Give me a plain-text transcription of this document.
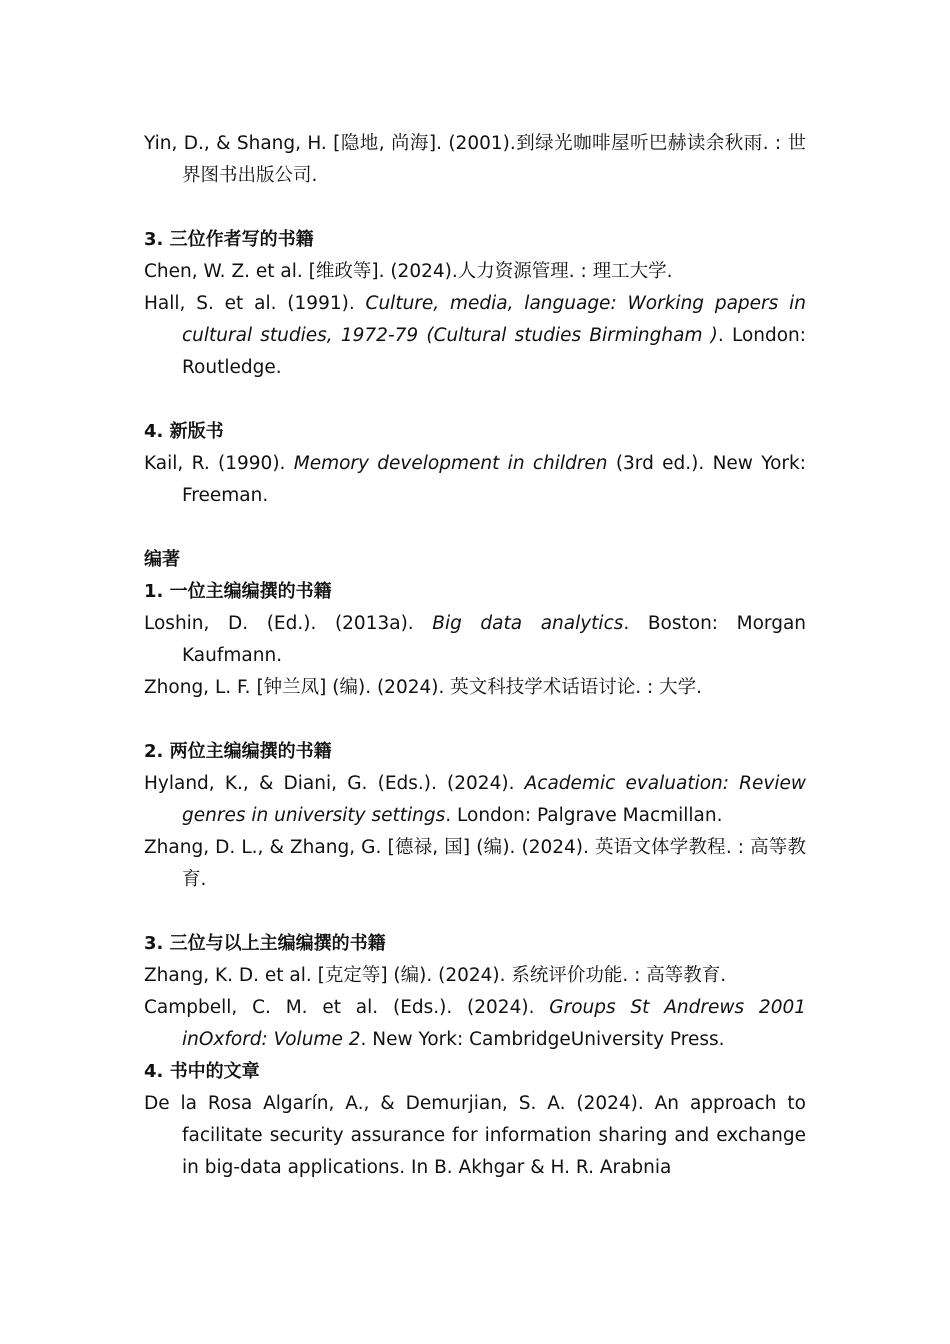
Yin, D., & Shang, H. [隐地, 尚海]. (2001).到绿光咖啡屋听巴赫读余秋雨. : 世界图书出版公司.

3. 三位作者写的书籍

Chen, W. Z. et al. [维政等]. (2024).人力资源管理. : 理工大学.

Hall, S. et al. (1991). Culture, media, language: Working papers in cultural studies, 1972-79 (Cultural studies Birmingham ). London: Routledge.

4. 新版书

Kail, R. (1990). Memory development in children (3rd ed.). New York: Freeman.

编著

1. 一位主编编撰的书籍

Loshin, D. (Ed.). (2013a). Big data analytics. Boston: Morgan Kaufmann.

Zhong, L. F. [钟兰凤] (编). (2024). 英文科技学术话语讨论. : 大学.

2. 两位主编编撰的书籍

Hyland, K., & Diani, G. (Eds.). (2024). Academic evaluation: Review genres in university settings. London: Palgrave Macmillan.

Zhang, D. L., & Zhang, G. [德禄, 国] (编). (2024). 英语文体学教程. : 高等教育.

3. 三位与以上主编编撰的书籍

Zhang, K. D. et al. [克定等] (编). (2024). 系统评价功能. : 高等教育.

Campbell, C. M. et al. (Eds.). (2024). Groups St Andrews 2001 inOxford: Volume 2. New York: CambridgeUniversity Press.

4. 书中的文章

De la Rosa Algarín, A., & Demurjian, S. A. (2024). An approach to facilitate security assurance for information sharing and exchange in big-data applications. In B. Akhgar & H. R. Arabnia
